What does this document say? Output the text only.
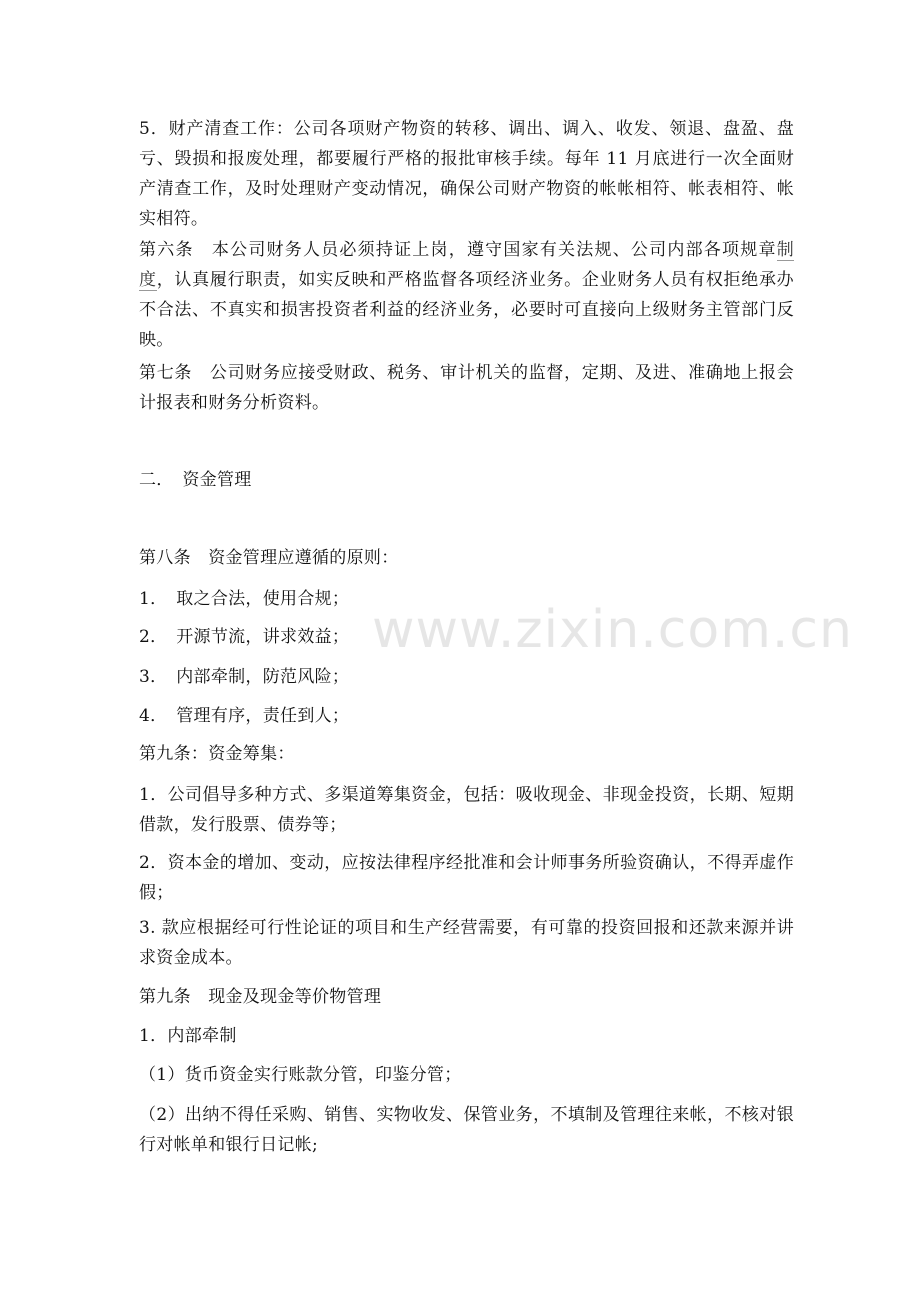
5．财产清查工作：公司各项财产物资的转移、调出、调入、收发、领退、盘盈、盘亏、毁损和报废处理，都要履行严格的报批审核手续。每年 11 月底进行一次全面财产清查工作，及时处理财产变动情况，确保公司财产物资的帐帐相符、帐表相符、帐实相符。

第六条　本公司财务人员必须持证上岗，遵守国家有关法规、公司内部各项规章制度，认真履行职责，如实反映和严格监督各项经济业务。企业财务人员有权拒绝承办不合法、不真实和损害投资者利益的经济业务，必要时可直接向上级财务主管部门反映。

第七条　公司财务应接受财政、税务、审计机关的监督，定期、及进、准确地上报会计报表和财务分析资料。

二．　资金管理

第八条　资金管理应遵循的原则：

1．　取之合法，使用合规；

2．　开源节流，讲求效益；

3．　内部牵制，防范风险；

4．　管理有序，责任到人；

第九条：资金筹集：

1．公司倡导多种方式、多渠道筹集资金，包括：吸收现金、非现金投资，长期、短期借款，发行股票、债券等；

2．资本金的增加、变动，应按法律程序经批准和会计师事务所验资确认，不得弄虚作假；

3. 款应根据经可行性论证的项目和生产经营需要，有可靠的投资回报和还款来源并讲求资金成本。

第九条　现金及现金等价物管理

1．内部牵制

（1）货币资金实行账款分管，印鉴分管；

（2）出纳不得任采购、销售、实物收发、保管业务，不填制及管理往来帐，不核对银行对帐单和银行日记帐;

www.zixin.com.cn
